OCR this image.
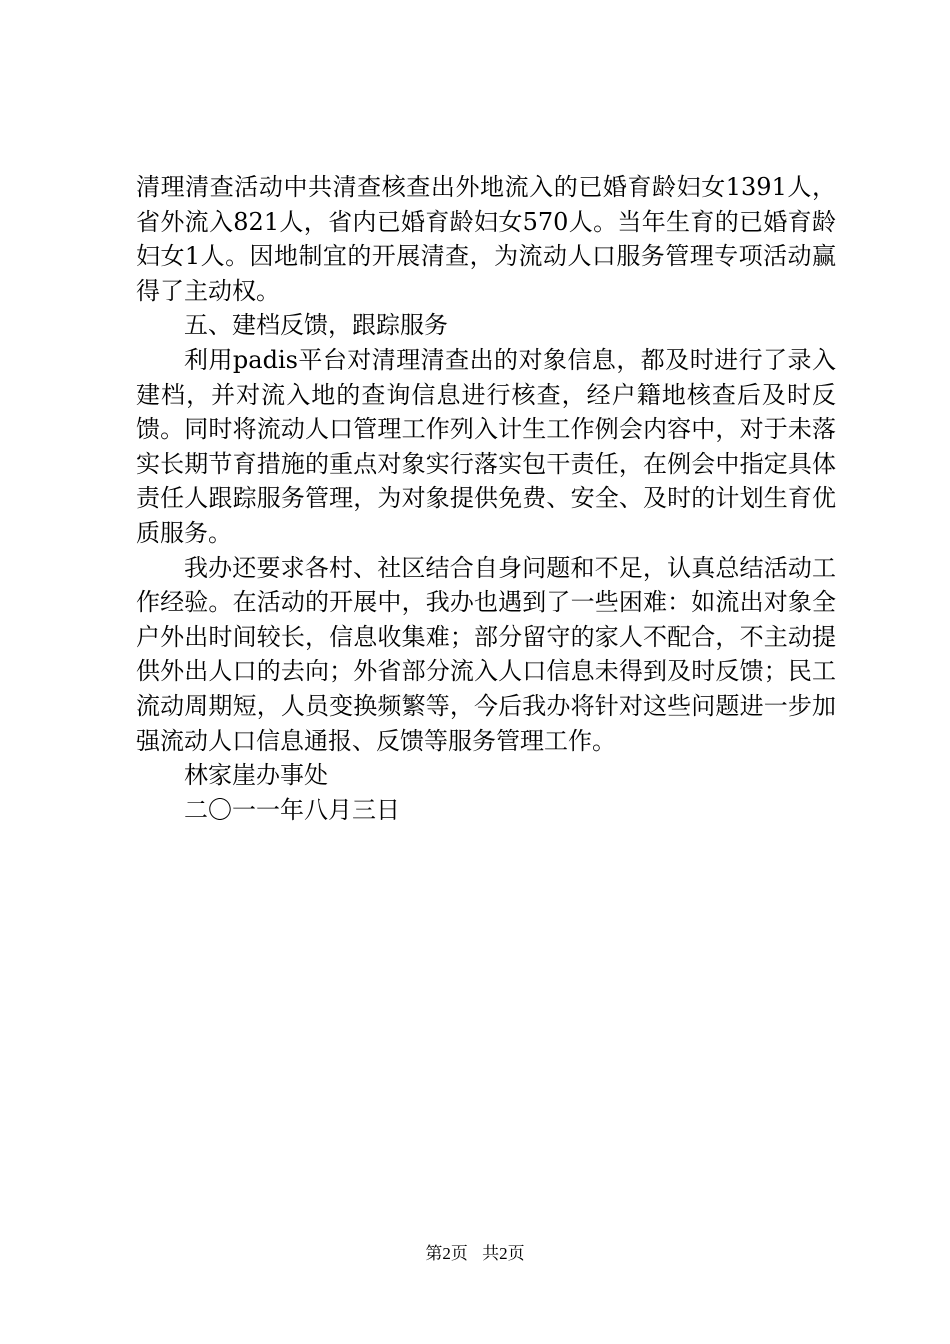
清理清查活动中共清查核查出外地流入的已婚育龄妇女1391人，省外流入821人，省内已婚育龄妇女570人。当年生育的已婚育龄妇女1人。因地制宜的开展清查，为流动人口服务管理专项活动赢得了主动权。

五、建档反馈，跟踪服务

利用padis平台对清理清查出的对象信息，都及时进行了录入建档，并对流入地的查询信息进行核查，经户籍地核查后及时反馈。同时将流动人口管理工作列入计生工作例会内容中，对于未落实长期节育措施的重点对象实行落实包干责任，在例会中指定具体责任人跟踪服务管理，为对象提供免费、安全、及时的计划生育优质服务。

我办还要求各村、社区结合自身问题和不足，认真总结活动工作经验。在活动的开展中，我办也遇到了一些困难：如流出对象全户外出时间较长，信息收集难；部分留守的家人不配合，不主动提供外出人口的去向；外省部分流入人口信息未得到及时反馈；民工流动周期短，人员变换频繁等，今后我办将针对这些问题进一步加强流动人口信息通报、反馈等服务管理工作。

林家崖办事处

二〇一一年八月三日

第2页 共2页
